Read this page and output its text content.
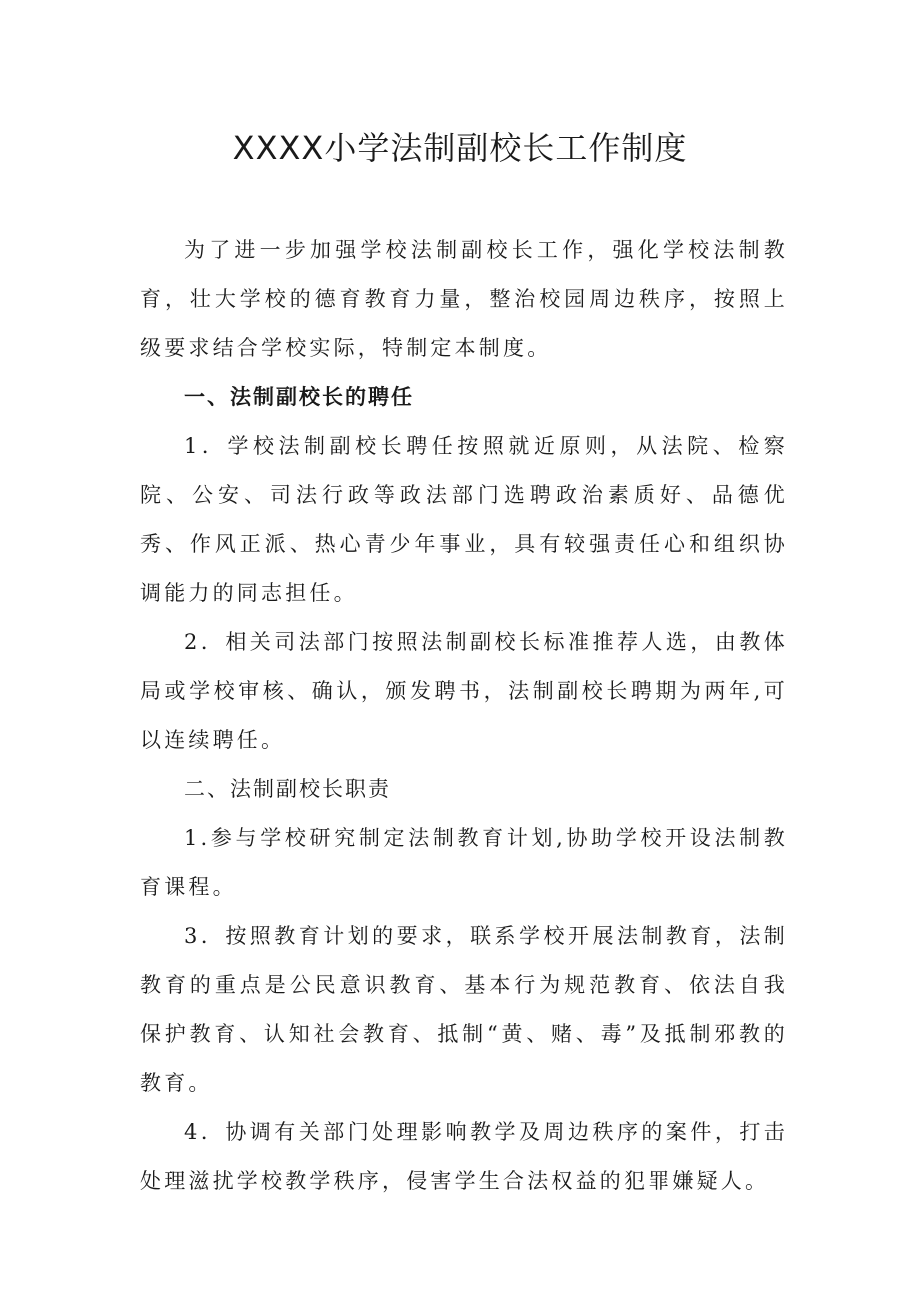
XXXX小学法制副校长工作制度

为了进一步加强学校法制副校长工作，强化学校法制教育，壮大学校的德育教育力量，整治校园周边秩序，按照上级要求结合学校实际，特制定本制度。

一、法制副校长的聘任

1．学校法制副校长聘任按照就近原则，从法院、检察院、公安、司法行政等政法部门选聘政治素质好、品德优秀、作风正派、热心青少年事业，具有较强责任心和组织协调能力的同志担任。

2．相关司法部门按照法制副校长标准推荐人选，由教体局或学校审核、确认，颁发聘书，法制副校长聘期为两年,可以连续聘任。

二、法制副校长职责

1.参与学校研究制定法制教育计划,协助学校开设法制教育课程。

3．按照教育计划的要求，联系学校开展法制教育，法制教育的重点是公民意识教育、基本行为规范教育、依法自我保护教育、认知社会教育、抵制“黄、赌、毒”及抵制邪教的教育。

4．协调有关部门处理影响教学及周边秩序的案件，打击处理滋扰学校教学秩序，侵害学生合法权益的犯罪嫌疑人。
